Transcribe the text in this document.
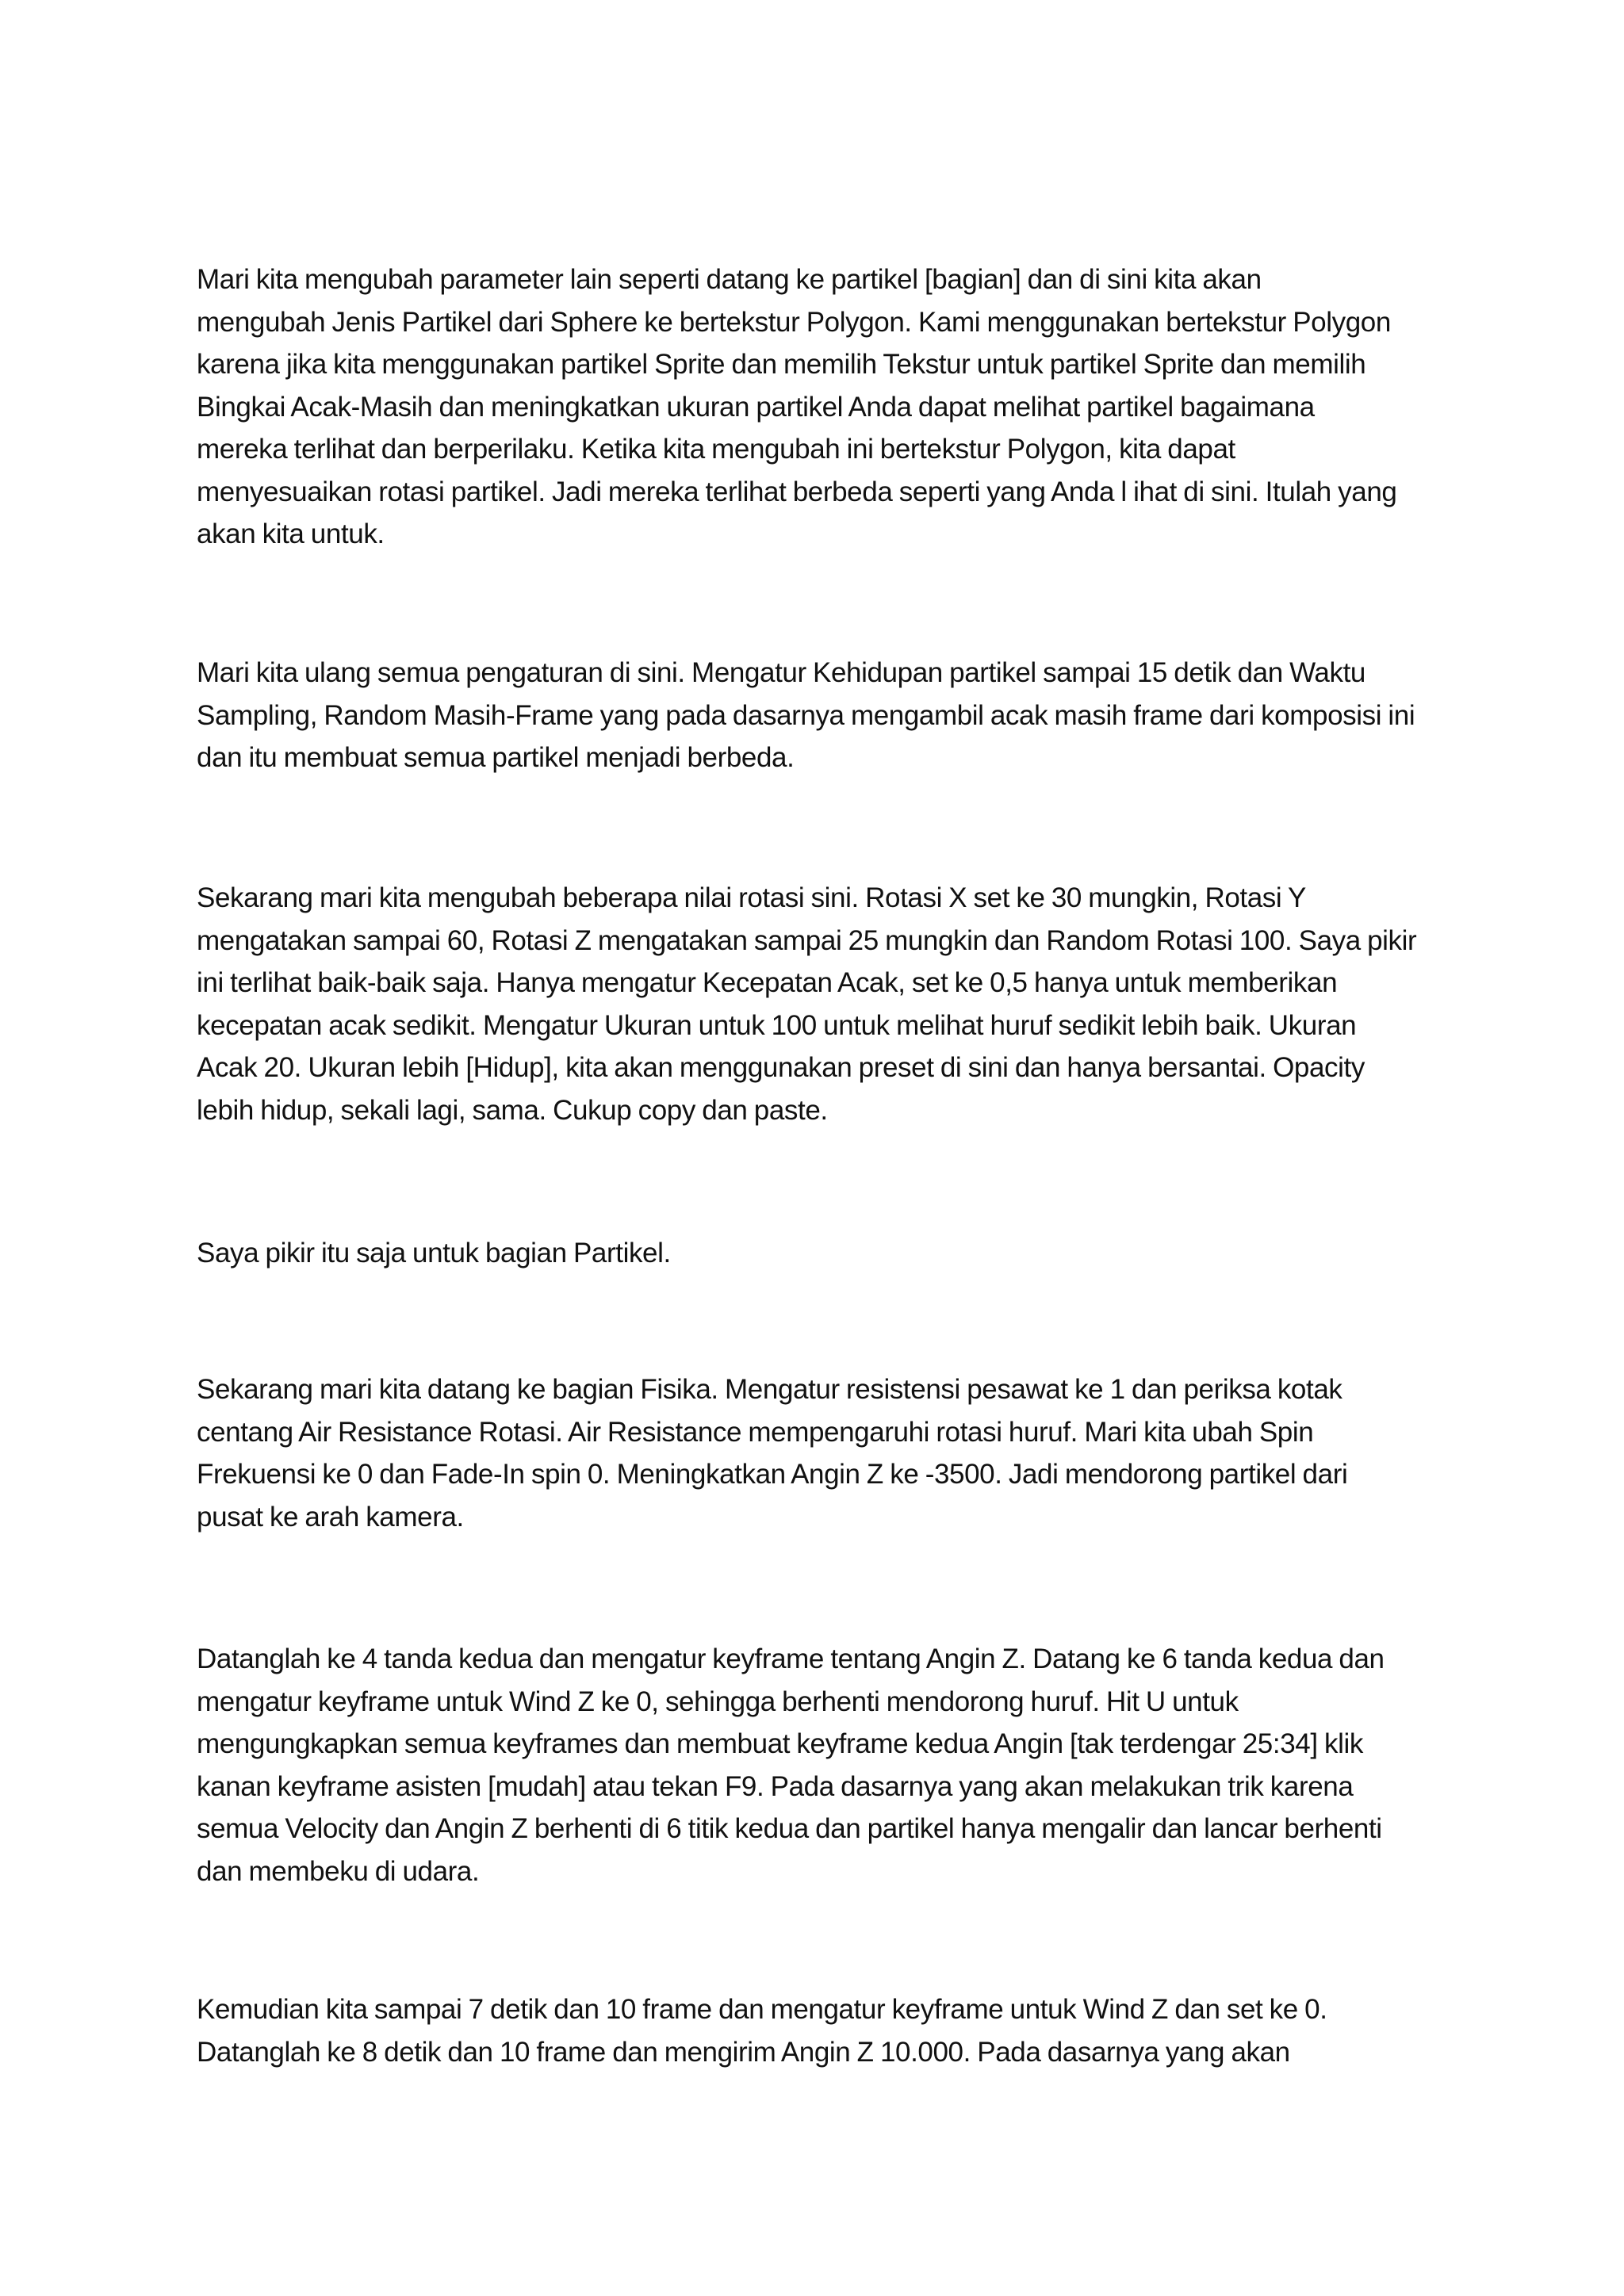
Mari kita mengubah parameter lain seperti datang ke partikel [bagian] dan di sini kita akan
mengubah Jenis Partikel dari Sphere ke bertekstur Polygon. Kami menggunakan bertekstur Polygon
karena jika kita menggunakan partikel Sprite dan memilih Tekstur untuk partikel Sprite dan memilih
Bingkai Acak-Masih dan meningkatkan ukuran partikel Anda dapat melihat partikel bagaimana
mereka terlihat dan berperilaku. Ketika kita mengubah ini bertekstur Polygon, kita dapat
menyesuaikan rotasi partikel. Jadi mereka terlihat berbeda seperti yang Anda l ihat di sini. Itulah yang
akan kita untuk.

Mari kita ulang semua pengaturan di sini. Mengatur Kehidupan partikel sampai 15 detik dan Waktu
Sampling, Random Masih-Frame yang pada dasarnya mengambil acak masih frame dari komposisi ini
dan itu membuat semua partikel menjadi berbeda.

Sekarang mari kita mengubah beberapa nilai rotasi sini. Rotasi X set ke 30 mungkin, Rotasi Y
mengatakan sampai 60, Rotasi Z mengatakan sampai 25 mungkin dan Random Rotasi 100. Saya pikir
ini terlihat baik-baik saja. Hanya mengatur Kecepatan Acak, set ke 0,5 hanya untuk memberikan
kecepatan acak sedikit. Mengatur Ukuran untuk 100 untuk melihat huruf sedikit lebih baik. Ukuran
Acak 20. Ukuran lebih [Hidup], kita akan menggunakan preset di sini dan hanya bersantai. Opacity
lebih hidup, sekali lagi, sama. Cukup copy dan paste.

Saya pikir itu saja untuk bagian Partikel.

Sekarang mari kita datang ke bagian Fisika. Mengatur resistensi pesawat ke 1 dan periksa kotak
centang Air Resistance Rotasi. Air Resistance mempengaruhi rotasi huruf. Mari kita ubah Spin
Frekuensi ke 0 dan Fade-In spin 0. Meningkatkan Angin Z ke -3500. Jadi mendorong partikel dari
pusat ke arah kamera.

Datanglah ke 4 tanda kedua dan mengatur keyframe tentang Angin Z. Datang ke 6 tanda kedua dan
mengatur keyframe untuk Wind Z ke 0, sehingga berhenti mendorong huruf. Hit U untuk
mengungkapkan semua keyframes dan membuat keyframe kedua Angin [tak terdengar 25:34] klik
kanan keyframe asisten [mudah] atau tekan F9. Pada dasarnya yang akan melakukan trik karena
semua Velocity dan Angin Z berhenti di 6 titik kedua dan partikel hanya mengalir dan lancar berhenti
dan membeku di udara.

Kemudian kita sampai 7 detik dan 10 frame dan mengatur keyframe untuk Wind Z dan set ke 0.
Datanglah ke 8 detik dan 10 frame dan mengirim Angin Z 10.000. Pada dasarnya yang akan
